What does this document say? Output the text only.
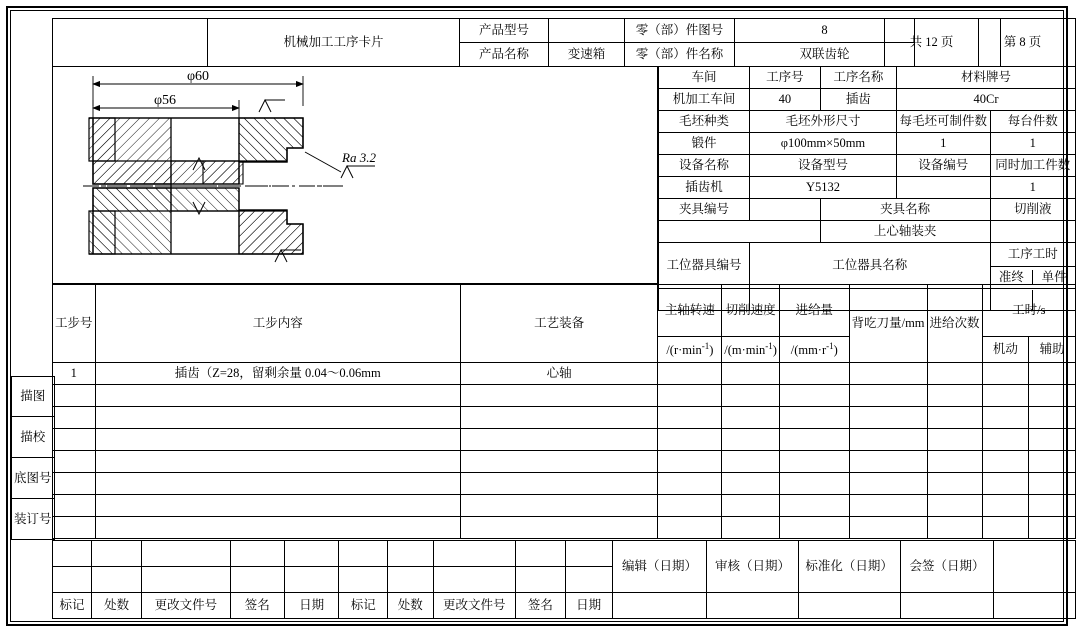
	机械加工工序卡片	产品型号		零（部）件图号	8		
		产品名称	变速箱	零（部）件名称	双联齿轮		
共 12 页	第 8 页
车间	工序号	工序名称	材料牌号
机加工车间	40	插齿	40Cr
毛坯种类	毛坯外形尺寸	每毛坯可制件数	每台件数
锻件	φ100mm×50mm	1	1
设备名称	设备型号	设备编号	同时加工件数
插齿机	Y5132		1
夹具编号		夹具名称	切削液
	上心轴装夹	
工位器具编号	工位器具名称	工序工时

准终	单件

φ60
φ56
Ra 3.2
工步号	工步内容	工艺装备	主轴转速	切削速度	进给量	背吃刀量/mm	进给次数	工时/s	
			$/(r\cdot\min^{-1})$	$/(m\cdot\min^{-1})$	$/(mm\cdot r^{-1})$			机动	辅助
1	插齿（Z=28，留剩余量 0.04～0.06mm	心轴							

描图
描校
底图号
装订号
										编辑（日期）	审核（日期）	标准化（日期）	会签（日期）	

标记	处数	更改文件号	签名	日期	标记	处数	更改文件号	签名	日期					
